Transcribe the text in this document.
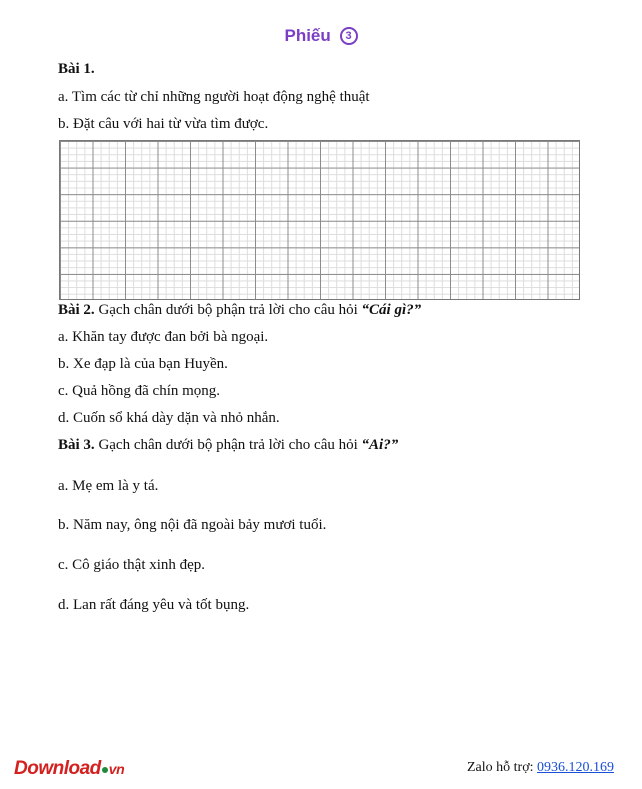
Phiếu 3
Bài 1.
a. Tìm các từ chỉ những người hoạt động nghệ thuật
b. Đặt câu với hai từ vừa tìm được.
Bài 2. Gạch chân dưới bộ phận trả lời cho câu hỏi “Cái gì?”
a. Khăn tay được đan bởi bà ngoại.
b. Xe đạp là của bạn Huyền.
c. Quả hồng đã chín mọng.
d. Cuốn sổ khá dày dặn và nhỏ nhắn.
Bài 3. Gạch chân dưới bộ phận trả lời cho câu hỏi “Ai?”
a. Mẹ em là y tá.
b. Năm nay, ông nội đã ngoài bảy mươi tuổi.
c. Cô giáo thật xinh đẹp.
d. Lan rất đáng yêu và tốt bụng.
Download vn	Zalo hỗ trợ: 0936.120.169
